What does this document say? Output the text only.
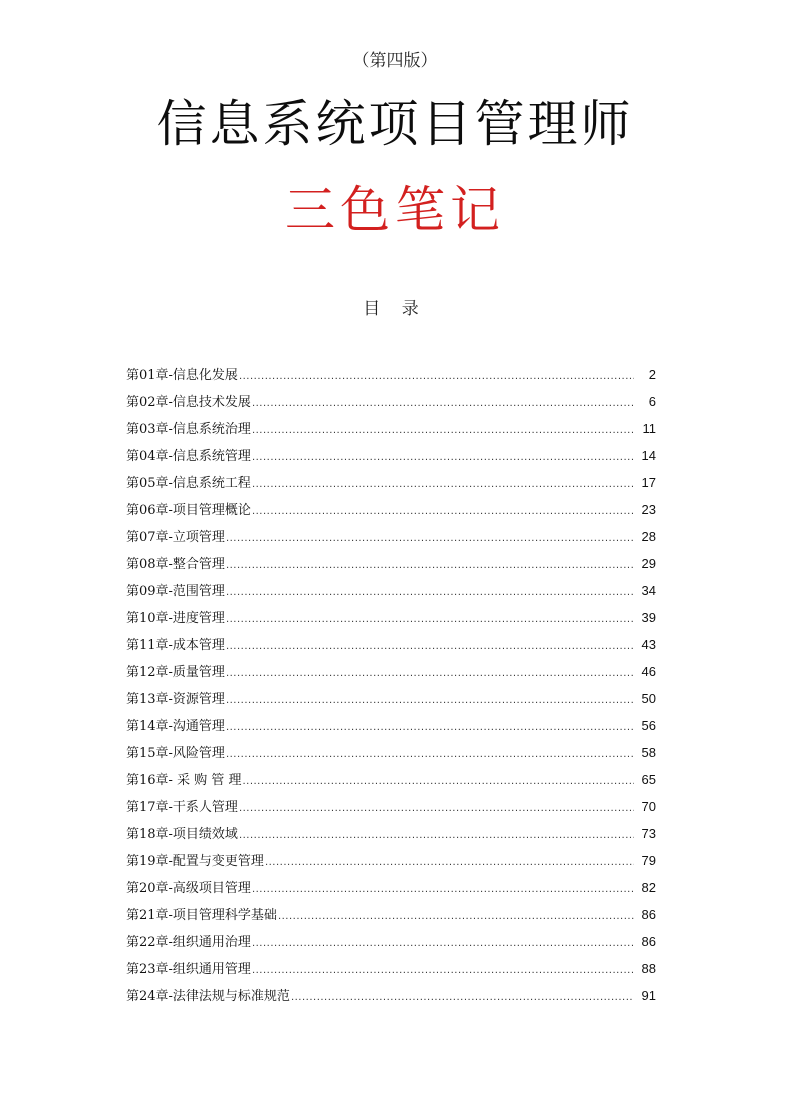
（第四版）
信息系统项目管理师
三色笔记
目 录
第01章-信息化发展 .....	2
第02章-信息技术发展 .....	6
第03章-信息系统治理 .....	11
第04章-信息系统管理 .....	14
第05章-信息系统工程 .....	17
第06章-项目管理概论 .....	23
第07章-立项管理 .....	28
第08章-整合管理 .....	29
第09章-范围管理 .....	34
第10章-进度管理 .....	39
第11章-成本管理 .....	43
第12章-质量管理 .....	46
第13章-资源管理 .....	50
第14章-沟通管理 .....	56
第15章-风险管理 .....	58
第16章- 采 购 管 理 .....	65
第17章-干系人管理 .....	70
第18章-项目绩效域 .....	73
第19章-配置与变更管理 .....	79
第20章-高级项目管理 .....	82
第21章-项目管理科学基础 .....	86
第22章-组织通用治理 .....	86
第23章-组织通用管理 .....	88
第24章-法律法规与标准规范 .....	91
